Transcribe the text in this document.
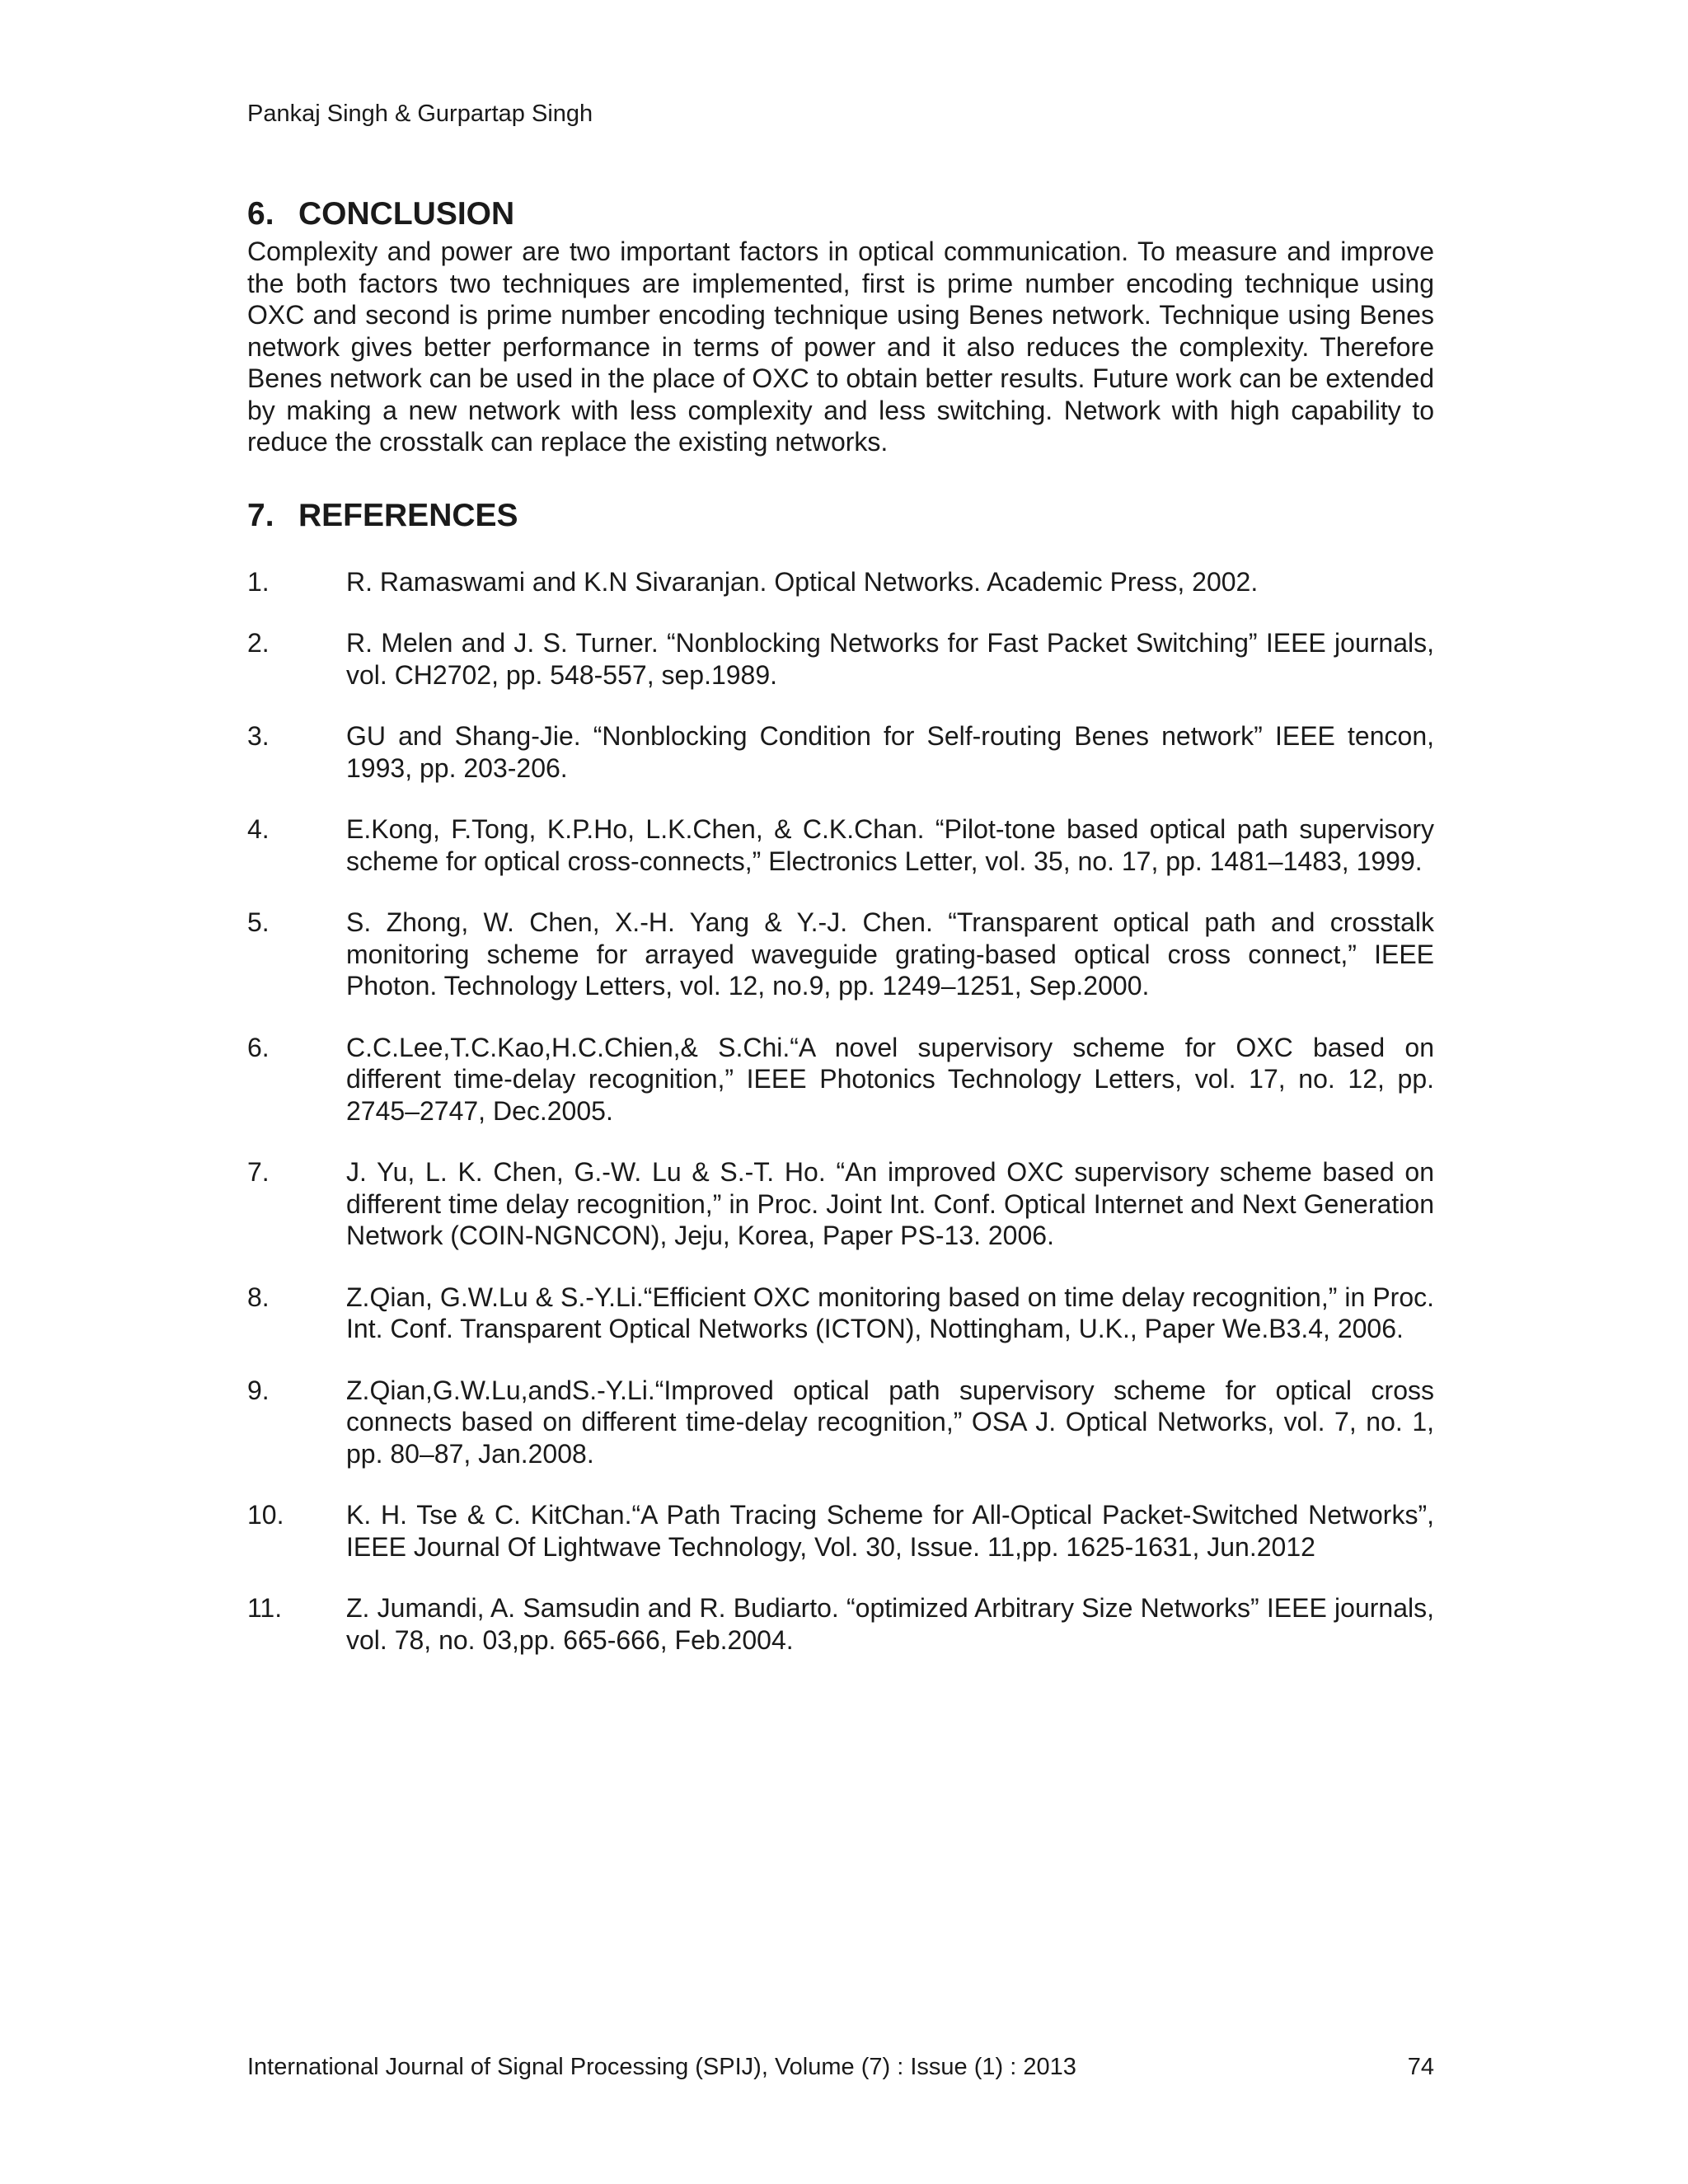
Pankaj Singh & Gurpartap Singh
6. CONCLUSION

Complexity and power are two important factors in optical communication. To measure and improve the both factors two techniques are implemented, first is prime number encoding technique using OXC and second is prime number encoding technique using Benes network. Technique using Benes network gives better performance in terms of power and it also reduces the complexity. Therefore Benes network can be used in the place of OXC to obtain better results. Future work can be extended by making a new network with less complexity and less switching. Network with high capability to reduce the crosstalk can replace the existing networks.

7. REFERENCES
1.	R. Ramaswami and K.N Sivaranjan. Optical Networks. Academic Press, 2002.
2.	R. Melen and J. S. Turner. “Nonblocking Networks for Fast Packet Switching” IEEE journals, vol. CH2702, pp. 548-557, sep.1989.
3.	GU and Shang-Jie. “Nonblocking Condition for Self-routing Benes network” IEEE tencon, 1993, pp. 203-206.
4.	E.Kong, F.Tong, K.P.Ho, L.K.Chen, & C.K.Chan. “Pilot-tone based optical path supervisory scheme for optical cross-connects,” Electronics Letter, vol. 35, no. 17, pp. 1481–1483, 1999.
5.	S. Zhong, W. Chen, X.-H. Yang & Y.-J. Chen. “Transparent optical path and crosstalk monitoring scheme for arrayed waveguide grating-based optical cross connect,” IEEE Photon. Technology Letters, vol. 12, no.9, pp. 1249–1251, Sep.2000.
6.	C.C.Lee,T.C.Kao,H.C.Chien,& S.Chi.“A novel supervisory scheme for OXC based on different time-delay recognition,” IEEE Photonics Technology Letters, vol. 17, no. 12, pp. 2745–2747, Dec.2005.
7.	J. Yu, L. K. Chen, G.-W. Lu & S.-T. Ho. “An improved OXC supervisory scheme based on different time delay recognition,” in Proc. Joint Int. Conf. Optical Internet and Next Generation Network (COIN-NGNCON), Jeju, Korea, Paper PS-13. 2006.
8.	Z.Qian, G.W.Lu & S.-Y.Li.“Efficient OXC monitoring based on time delay recognition,” in Proc. Int. Conf. Transparent Optical Networks (ICTON), Nottingham, U.K., Paper We.B3.4, 2006.
9.	Z.Qian,G.W.Lu,andS.-Y.Li.“Improved optical path supervisory scheme for optical cross connects based on different time-delay recognition,” OSA J. Optical Networks, vol. 7, no. 1, pp. 80–87, Jan.2008.
10.	K. H. Tse & C. KitChan.“A Path Tracing Scheme for All-Optical Packet-Switched Networks”, IEEE Journal Of Lightwave Technology, Vol. 30, Issue. 11,pp. 1625-1631, Jun.2012
11.	Z. Jumandi, A. Samsudin and R. Budiarto. “optimized Arbitrary Size Networks” IEEE journals, vol. 78, no. 03,pp. 665-666, Feb.2004.
International Journal of Signal Processing (SPIJ), Volume (7) : Issue (1) : 2013	74
